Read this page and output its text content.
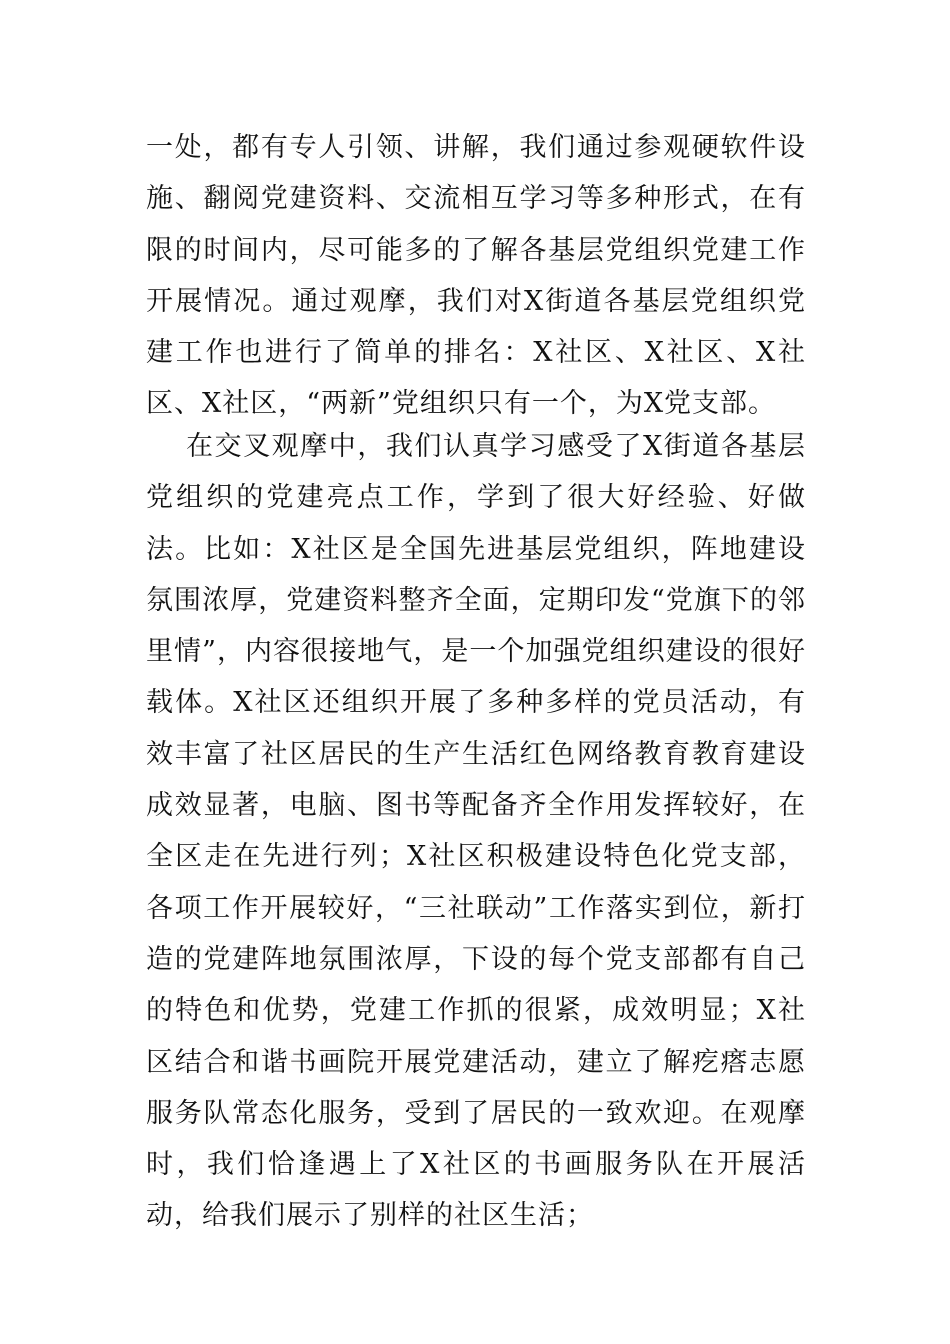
一处，都有专人引领、讲解，我们通过参观硬软件设施、翻阅党建资料、交流相互学习等多种形式，在有限的时间内，尽可能多的了解各基层党组织党建工作开展情况。通过观摩，我们对X街道各基层党组织党建工作也进行了简单的排名：X社区、X社区、X社区、X社区，“两新”党组织只有一个，为X党支部。

在交叉观摩中，我们认真学习感受了X街道各基层党组织的党建亮点工作，学到了很大好经验、好做法。比如：X社区是全国先进基层党组织，阵地建设氛围浓厚，党建资料整齐全面，定期印发“党旗下的邻里情”，内容很接地气，是一个加强党组织建设的很好载体。X社区还组织开展了多种多样的党员活动，有效丰富了社区居民的生产生活红色网络教育教育建设成效显著，电脑、图书等配备齐全作用发挥较好，在全区走在先进行列；X社区积极建设特色化党支部，各项工作开展较好，“三社联动”工作落实到位，新打造的党建阵地氛围浓厚，下设的每个党支部都有自己的特色和优势，党建工作抓的很紧，成效明显；X社区结合和谐书画院开展党建活动，建立了解疙瘩志愿服务队常态化服务，受到了居民的一致欢迎。在观摩时，我们恰逢遇上了X社区的书画服务队在开展活动，给我们展示了别样的社区生活；
